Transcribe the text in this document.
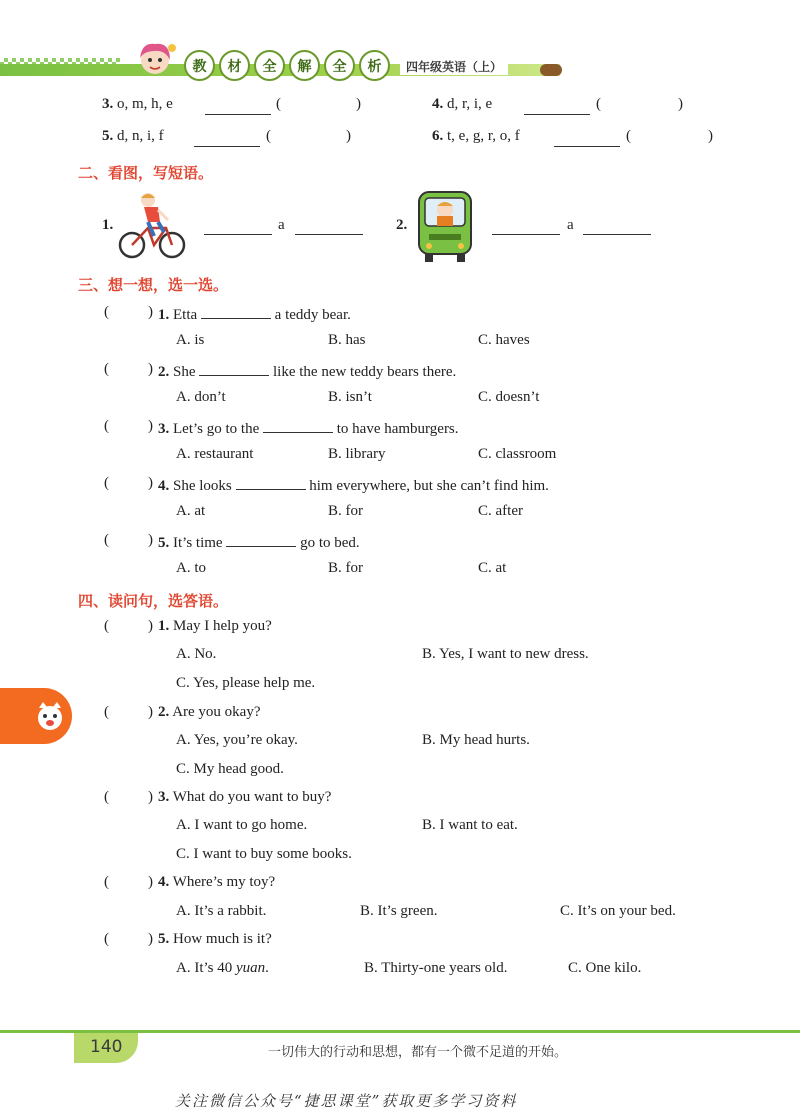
教	材	全	解	全	析	四年级英语（上）
3. o, m, h, e	(	)	4. d, r, i, e	(	)
5. d, n, i, f	(	)	6. t, e, g, r, o, f	(	)
二、看图，写短语。
1.	a	2.	a
三、想一想，选一选。
(	) 1. Etta	a teddy bear.
A. is	B. has	C. haves
(	) 2. She	like the new teddy bears there.
A. don’t	B. isn’t	C. doesn’t
(	) 3. Let’s go to the	to have hamburgers.
A. restaurant	B. library	C. classroom
(	) 4. She looks	him everywhere, but she can’t find him.
A. at	B. for	C. after
(	) 5. It’s time	go to bed.
A. to	B. for	C. at
四、读问句，选答语。
(	) 1. May I help you?
A. No.	B. Yes, I want to new dress.
C. Yes, please help me.
(	) 2. Are you okay?
A. Yes, you’re okay.	B. My head hurts.
C. My head good.
(	) 3. What do you want to buy?
A. I want to go home.	B. I want to eat.
C. I want to buy some books.
(	) 4. Where’s my toy?
A. It’s a rabbit.	B. It’s green.	C. It’s on your bed.
(	) 5. How much is it?
A. It’s 40 yuan.	B. Thirty-one years old.	C. One kilo.
140	一切伟大的行动和思想，都有一个微不足道的开始。
关注微信公众号“捷思课堂”获取更多学习资料
